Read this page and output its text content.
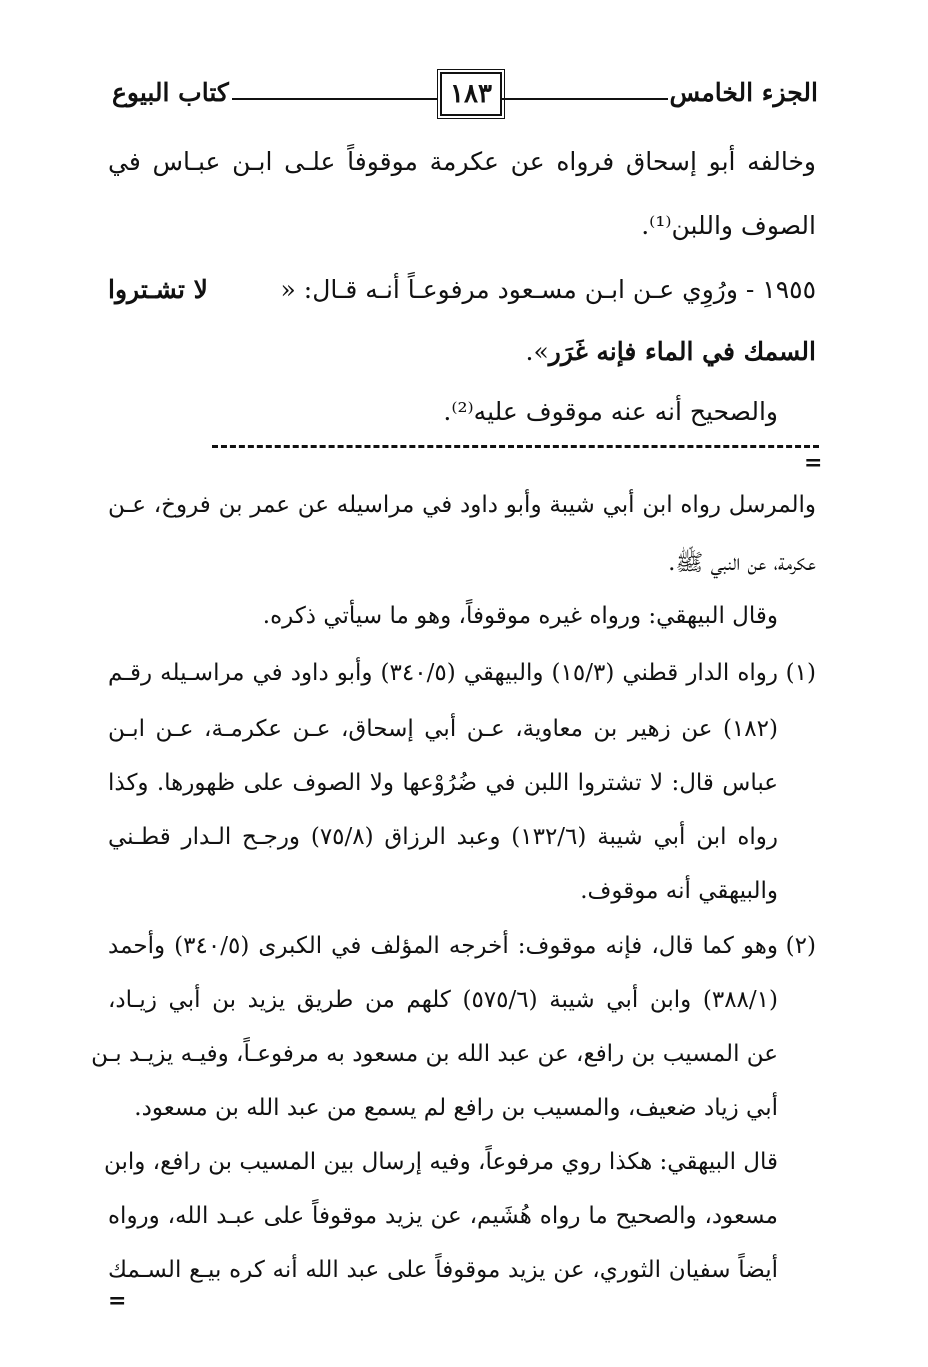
الجزء الخامس
١٨٣
كتاب البيوع
وخالفه أبو إسحاق فرواه عن عكرمة موقوفاً علـى ابـن عبـاس في
الصوف واللبن⁽¹⁾.
١٩٥٥ - ورُوِي عـن ابـن مسـعود مرفوعـاً أنـه قـال: «
لا تشـتروا
السمك في الماء فإنه غَرَر».
والصحيح أنه عنه موقوف عليه⁽²⁾.
=
والمرسل رواه ابن أبي شيبة وأبو داود في مراسيله عن عمر بن فروخ، عـن
عكرمة، عن النبي ﷺ.
وقال البيهقي: ورواه غيره موقوفاً، وهو ما سيأتي ذكره.
(١)
رواه الدار قطني (١٥/٣) والبيهقي (٣٤٠/٥) وأبو داود في مراسـيله رقـم
(١٨٢) عن زهير بن معاوية، عـن أبي إسحاق، عـن عكرمـة، عـن ابـن
عباس قال: لا تشتروا اللبن في ضُرُوْعها ولا الصوف على ظهورها. وكذا
رواه ابن أبي شيبة (١٣٢/٦) وعبد الرزاق (٧٥/٨) ورجـح الـدار قطـني
والبيهقي أنه موقوف.
(٢)
وهو كما قال، فإنه موقوف: أخرجه المؤلف في الكبرى (٣٤٠/٥) وأحمد
(٣٨٨/١) وابن أبي شيبة (٥٧٥/٦) كلهم من طريق يزيد بن أبي زيـاد،
عن المسيب بن رافع، عن عبد الله بن مسعود به مرفوعـاً، وفيـه يزيـد بـن
أبي زياد ضعيف، والمسيب بن رافع لم يسمع من عبد الله بن مسعود.
قال البيهقي: هكذا روي مرفوعاً، وفيه إرسال بين المسيب بن رافع، وابن
مسعود، والصحيح ما رواه هُشَيم، عن يزيد موقوفاً على عبـد الله، ورواه
أيضاً سفيان الثوري، عن يزيد موقوفاً على عبد الله أنه كره بيـع السـمك
=
